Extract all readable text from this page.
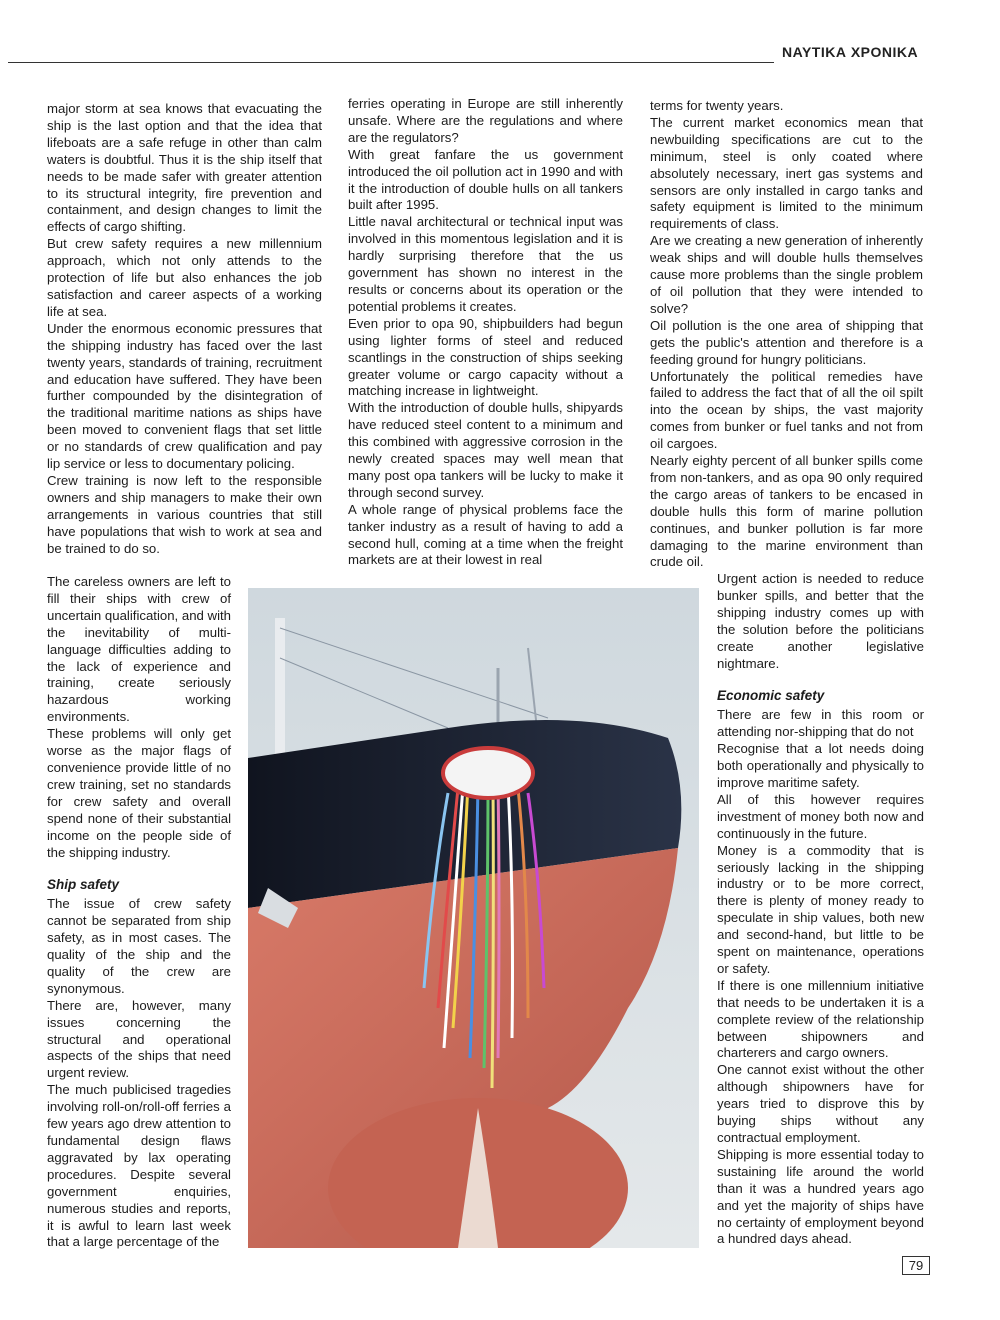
ΝΑΥΤΙΚΑ ΧΡΟΝΙΚΑ

major storm at sea knows that evacuating the ship is the last option and that the idea that lifeboats are a safe refuge in other than calm waters is doubtful. Thus it is the ship itself that needs to be made safer with greater attention to its structural integrity, fire prevention and containment, and design changes to limit the effects of cargo shifting.

But crew safety requires a new millennium approach, which not only attends to the protection of life but also enhances the job satisfaction and career aspects of a working life at sea.

Under the enormous economic pressures that the shipping industry has faced over the last twenty years, standards of training, recruitment and education have suffered. They have been further compounded by the disintegration of the traditional maritime nations as ships have been moved to convenient flags that set little or no standards of crew qualification and pay lip service or less to documentary policing.

Crew training is now left to the responsible owners and ship managers to make their own arrangements in various countries that still have populations that wish to work at sea and be trained to do so.

The careless owners are left to fill their ships with crew of uncertain qualification, and with the inevitability of multi-language difficulties adding to the lack of experience and training, create seriously hazardous working environments.

These problems will only get worse as the major flags of convenience provide little of no crew training, set no standards for crew safety and overall spend none of their substantial income on the people side of the shipping industry.

Ship safety

The issue of crew safety cannot be separated from ship safety, as in most cases. The quality of the ship and the quality of the crew are synonymous.

There are, however, many issues concerning the structural and operational aspects of the ships that need urgent review.

The much publicised tragedies involving roll-on/roll-off ferries a few years ago drew attention to fundamental design flaws aggravated by lax operating procedures. Despite several government enquiries, numerous studies and reports, it is awful to learn last week that a large percentage of the

ferries operating in Europe are still inherently unsafe. Where are the regulations and where are the regulators?

With great fanfare the us government introduced the oil pollution act in 1990 and with it the introduction of double hulls on all tankers built after 1995.

Little naval architectural or technical input was involved in this momentous legislation and it is hardly surprising therefore that the us government has shown no interest in the results or concerns about its operation or the potential problems it creates.

Even prior to opa 90, shipbuilders had begun using lighter forms of steel and reduced scantlings in the construction of ships seeking greater volume or cargo capacity without a matching increase in lightweight.

With the introduction of double hulls, shipyards have reduced steel content to a minimum and this combined with aggressive corrosion in the newly created spaces may well mean that many post opa tankers will be lucky to make it through second survey.

A whole range of physical problems face the tanker industry as a result of having to add a second hull, coming at a time when the freight markets are at their lowest in real

terms for twenty years.

The current market economics mean that newbuilding specifications are cut to the minimum, steel is only coated where absolutely necessary, inert gas systems and sensors are only installed in cargo tanks and safety equipment is limited to the minimum requirements of class.

Are we creating a new generation of inherently weak ships and will double hulls themselves cause more problems than the single problem of oil pollution that they were intended to solve?

Oil pollution is the one area of shipping that gets the public's attention and therefore is a feeding ground for hungry politicians.

Unfortunately the political remedies have failed to address the fact that of all the oil spilt into the ocean by ships, the vast majority comes from bunker or fuel tanks and not from oil cargoes.

Nearly eighty percent of all bunker spills come from non-tankers, and as opa 90 only required the cargo areas of tankers to be encased in double hulls this form of marine pollution continues, and bunker pollution is far more damaging to the marine environment than crude oil.

Urgent action is needed to reduce bunker spills, and better that the shipping industry comes up with the solution before the politicians create another legislative nightmare.

Economic safety

There are few in this room or attending nor-shipping that do not

Recognise that a lot needs doing both operationally and physically to improve maritime safety.

All of this however requires investment of money both now and continuously in the future.

Money is a commodity that is seriously lacking in the shipping industry or to be more correct, there is plenty of money ready to speculate in ship values, both new and second-hand, but little to be spent on maintenance, operations or safety.

If there is one millennium initiative that needs to be undertaken it is a complete review of the relationship between shipowners and charterers and cargo owners.

One cannot exist without the other although shipowners have for years tried to disprove this by buying ships without any contractual employment.

Shipping is more essential today to sustaining life around the world than it was a hundred years ago and yet the majority of ships have no certainty of employment beyond a hundred days ahead.

79
